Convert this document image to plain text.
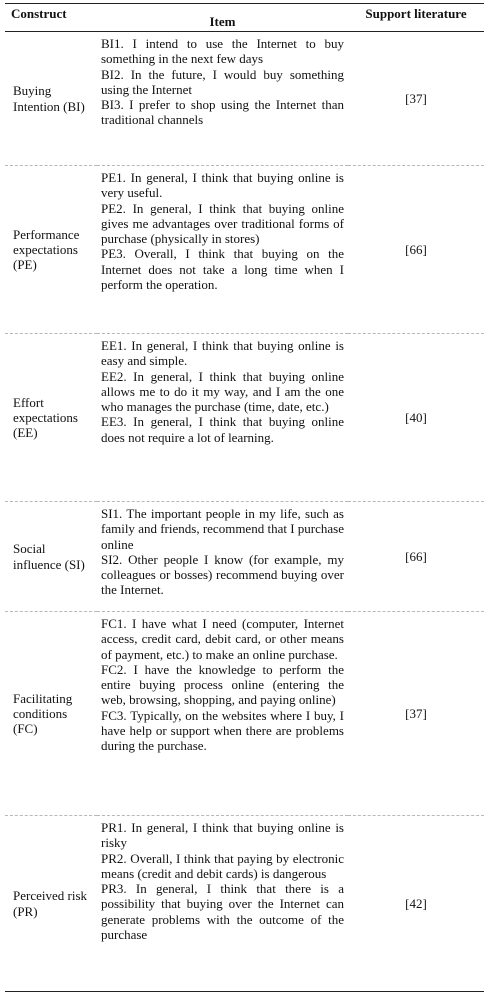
Construct	Item	Support literature
Buying Intention (BI)	BI1. I intend to use the Internet to buy something in the next few days
BI2. In the future, I would buy something using the Internet
BI3. I prefer to shop using the Internet than traditional channels	[37]
Performance expectations (PE)	PE1. In general, I think that buying online is very useful.
PE2. In general, I think that buying online gives me advantages over traditional forms of purchase (physically in stores)
PE3. Overall, I think that buying on the Internet does not take a long time when I perform the operation.	[66]
Effort expectations (EE)	EE1. In general, I think that buying online is easy and simple.
EE2. In general, I think that buying online allows me to do it my way, and I am the one who manages the purchase (time, date, etc.)
EE3. In general, I think that buying online does not require a lot of learning.	[40]
Social influence (SI)	SI1. The important people in my life, such as family and friends, recommend that I purchase online
SI2. Other people I know (for example, my colleagues or bosses) recommend buying over the Internet.	[66]
Facilitating conditions (FC)	FC1. I have what I need (computer, Internet access, credit card, debit card, or other means of payment, etc.) to make an online purchase.
FC2. I have the knowledge to perform the entire buying process online (entering the web, browsing, shopping, and paying online)
FC3. Typically, on the websites where I buy, I have help or support when there are problems during the purchase.	[37]
Perceived risk (PR)	PR1. In general, I think that buying online is risky
PR2. Overall, I think that paying by electronic means (credit and debit cards) is dangerous
PR3. In general, I think that there is a possibility that buying over the Internet can generate problems with the outcome of the purchase	[42]
